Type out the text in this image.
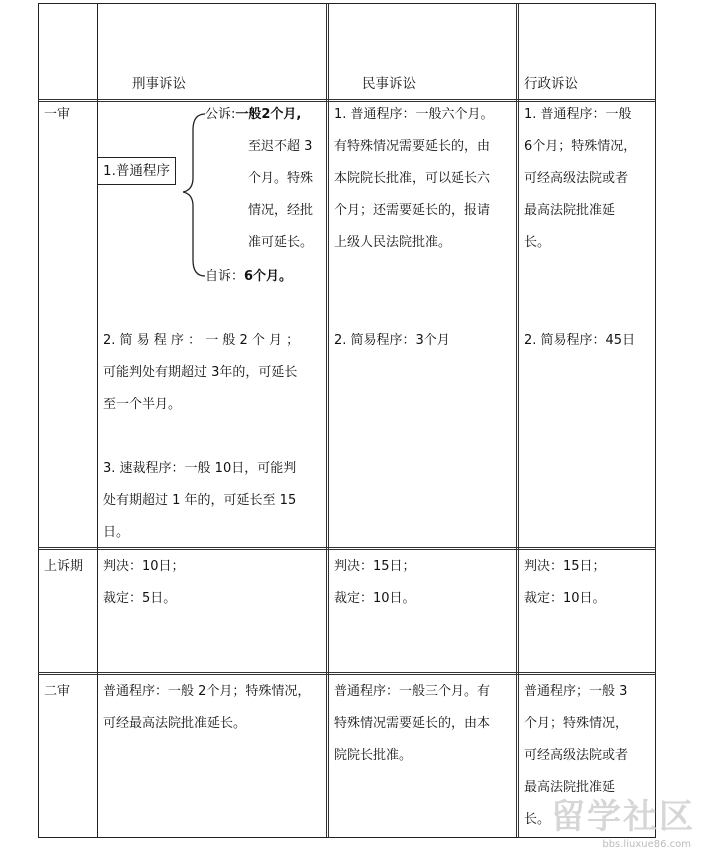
刑事诉讼	民事诉讼	行政诉讼
一审
上诉期
二审
1.普通程序
公诉:一般2个月,
至迟不超 3
个月。特殊
情况，经批
准可延长。
自诉：6个月。
2. 简 易 程 序 ： 一 般 2 个 月 ；
可能判处有期超过 3年的，可延长
至一个半月。
3. 速裁程序：一般 10日，可能判
处有期超过 1 年的，可延长至 15
日。
1. 普通程序：一般六个月。
有特殊情况需要延长的，由
本院院长批准，可以延长六
个月；还需要延长的，报请
上级人民法院批准。
2. 简易程序：3个月
1. 普通程序：一般
6个月；特殊情况，
可经高级法院或者
最高法院批准延
长。
2. 简易程序：45日
判决：10日；
裁定：5日。
判决：15日；
裁定：10日。
判决：15日；
裁定：10日。
普通程序：一般 2个月；特殊情况，
可经最高法院批准延长。
普通程序：一般三个月。有
特殊情况需要延长的，由本
院院长批准。
普通程序；一般 3
个月；特殊情况，
可经高级法院或者
最高法院批准延
长。 留学社区
bbs.liuxue86.com
